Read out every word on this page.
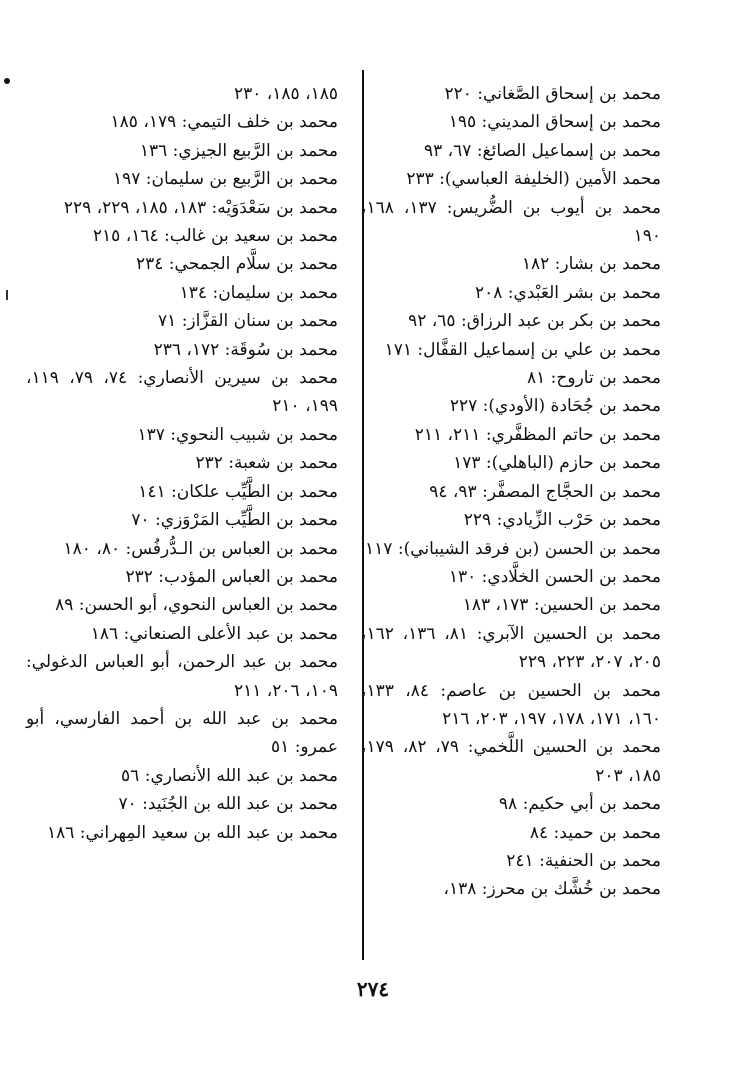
محمد بن إسحاق الصَّغاني: ٢٢٠
محمد بن إسحاق المديني: ١٩٥
محمد بن إسماعيل الصائغ: ٦٧، ٩٣
محمد الأمين (الخليفة العباسي): ٢٣٣
محمد بن أيوب بن الضُّريس: ١٣٧، ١٦٨، ١٩٠
محمد بن بشار: ١٨٢
محمد بن بشر العَبْدي: ٢٠٨
محمد بن بكر بن عبد الرزاق: ٦٥، ٩٢
محمد بن علي بن إسماعيل القفَّال: ١٧١
محمد بن تاروح: ٨١
محمد بن جُحَادة (الأودي): ٢٢٧
محمد بن حاتم المظفَّري: ٢١١، ٢١١
محمد بن حازم (الباهلي): ١٧٣
محمد بن الحجَّاج المصفَّر: ٩٣، ٩٤
محمد بن حَرْب الزِّيادي: ٢٢٩
محمد بن الحسن (بن فرقد الشيباني): ١١٧
محمد بن الحسن الخلَّادي: ١٣٠
محمد بن الحسين: ١٧٣، ١٨٣
محمد بن الحسين الآبري: ٨١، ١٣٦، ١٦٢، ٢٠٥، ٢٠٧، ٢٢٣، ٢٢٩
محمد بن الحسين بن عاصم: ٨٤، ١٣٣، ١٦٠، ١٧١، ١٧٨، ١٩٧، ٢٠٣، ٢١٦
محمد بن الحسين اللَّخمي: ٧٩، ٨٢، ١٧٩، ١٨٥، ٢٠٣
محمد بن أبي حكيم: ٩٨
محمد بن حميد: ٨٤
محمد بن الحنفية: ٢٤١
محمد بن خُشَّك بن محرز: ١٣٨،
١٨٥، ١٨٥، ٢٣٠
محمد بن خلف التيمي: ١٧٩، ١٨٥
محمد بن الرَّبيع الجيزي: ١٣٦
محمد بن الرَّبيع بن سليمان: ١٩٧
محمد بن سَعْدَوَيْه: ١٨٣، ١٨٥، ٢٢٩، ٢٢٩
محمد بن سعيد بن غالب: ١٦٤، ٢١٥
محمد بن سلَّام الجمحي: ٢٣٤
محمد بن سليمان: ١٣٤
محمد بن سنان القزَّاز: ٧١
محمد بن سُوقَة: ١٧٢، ٢٣٦
محمد بن سيرين الأنصاري: ٧٤، ٧٩، ١١٩، ١٩٩، ٢١٠
محمد بن شبيب النحوي: ١٣٧
محمد بن شعبة: ٢٣٢
محمد بن الطَّيِّب علكان: ١٤١
محمد بن الطَّيِّب المَرْوَزي: ٧٠
محمد بن العباس بن الـدُّرفُس: ٨٠، ١٨٠
محمد بن العباس المؤدب: ٢٣٢
محمد بن العباس النحوي، أبو الحسن: ٨٩
محمد بن عبد الأعلى الصنعاني: ١٨٦
محمد بن عبد الرحمن، أبو العباس الدغولي: ١٠٩، ٢٠٦، ٢١١
محمد بن عبد الله بن أحمد الفارسي، أبو عمرو: ٥١
محمد بن عبد الله الأنصاري: ٥٦
محمد بن عبد الله بن الجُنَيد: ٧٠
محمد بن عبد الله بن سعيد المِهراني: ١٨٦
٢٧٤
